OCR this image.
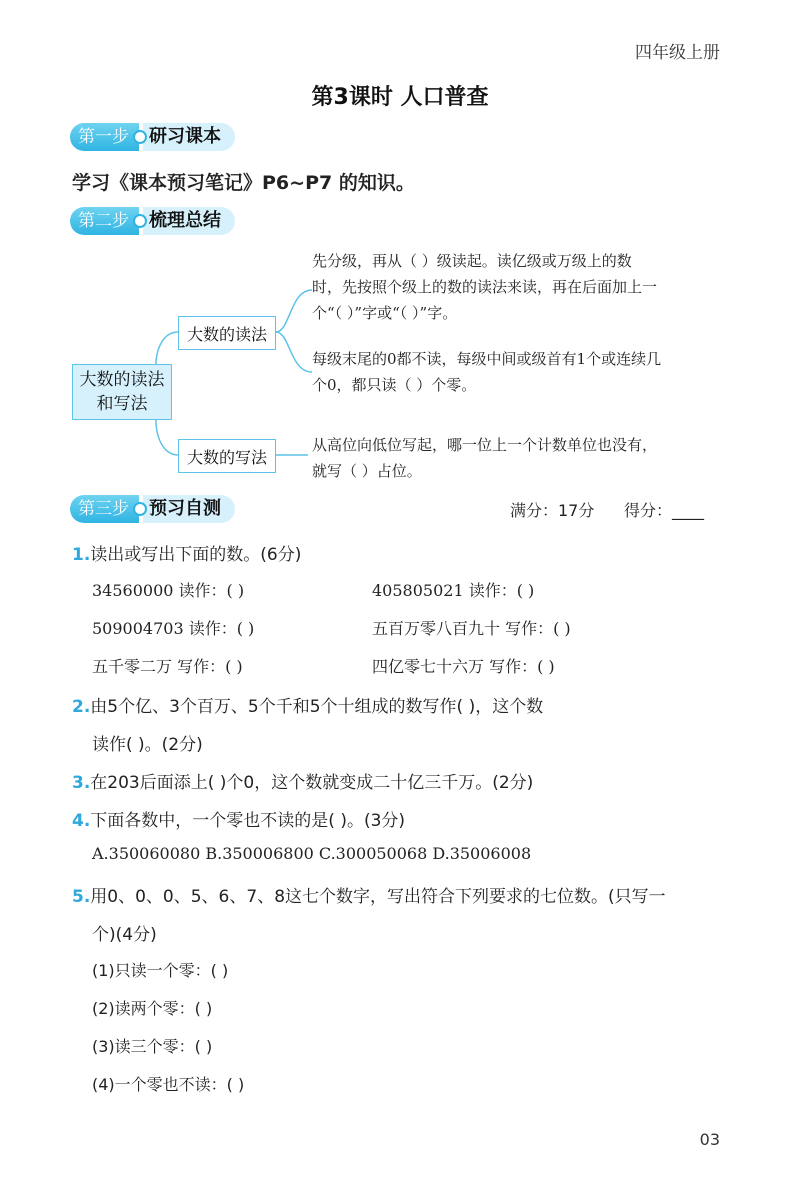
四年级上册
第3课时 人口普查
第一步	研习课本
学习《课本预习笔记》P6~P7 的知识。
第二步	梳理总结
大数的读法
和写法
大数的读法
大数的写法
先分级，再从（ ）级读起。读亿级或万级上的数
时，先按照个级上的数的读法来读，再在后面加上一
个“（ ）”字或“（ ）”字。
每级末尾的0都不读，每级中间或级首有1个或连续几
个0，都只读（ ）个零。
从高位向低位写起，哪一位上一个计数单位也没有，
就写（ ）占位。
第三步	预习自测	满分：17分 得分：____
1.读出或写出下面的数。(6分)
34560000 读作：( )	405805021 读作：( )
509004703 读作：( )	五百万零八百九十 写作：( )
五千零二万 写作：( )	四亿零七十六万 写作：( )
2.由5个亿、3个百万、5个千和5个十组成的数写作( )，这个数
读作( )。(2分)
3.在203后面添上( )个0，这个数就变成二十亿三千万。(2分)
4.下面各数中，一个零也不读的是( )。(3分)
A.350060080 B.350006800 C.300050068 D.35006008
5.用0、0、0、5、6、7、8这七个数字，写出符合下列要求的七位数。(只写一
个)(4分)
(1)只读一个零：( )
(2)读两个零：( )
(3)读三个零：( )
(4)一个零也不读：( )
03
